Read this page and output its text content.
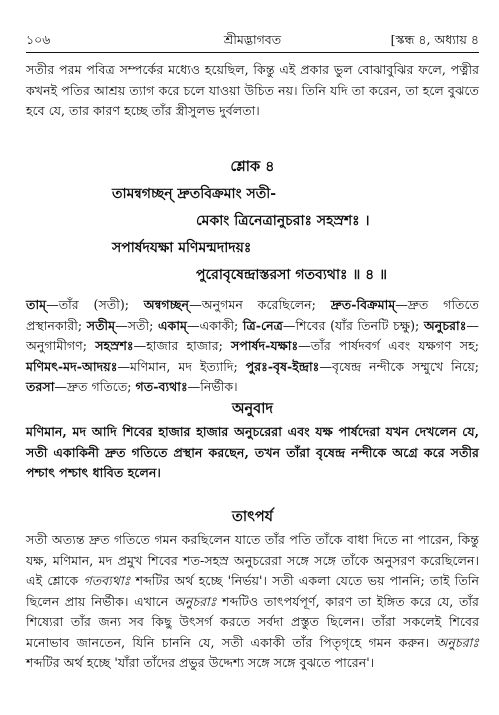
১০৬	শ্রীমদ্ভাগবত	[স্কন্ধ ৪, অধ্যায় ৪
সতীর পরম পবিত্র সম্পর্কের মধ্যেও হয়েছিল, কিন্তু এই প্রকার ভুল বোঝাবুঝির ফলে, পত্নীর কখনই পতির আশ্রয় ত্যাগ করে চলে যাওয়া উচিত নয়। তিনি যদি তা করেন, তা হলে বুঝতে হবে যে, তার কারণ হচ্ছে তাঁর স্ত্রীসুলভ দুর্বলতা।
শ্লোক ৪
তামন্বগচ্ছন্ দ্রুতবিক্রমাং সতী-
মেকাং ত্রিনেত্রানুচরাঃ সহস্রশঃ ।
সপার্ষদযক্ষা মণিমন্মদাদয়ঃ
পুরোবৃষেন্দ্রাস্তরসা গতব্যথাঃ ॥ ৪ ॥
তাম্—তাঁর (সতী); অন্বগচ্ছন্—অনুগমন করেছিলেন; দ্রুত-বিক্রমাম্—দ্রুত গতিতে প্রস্থানকারী; সতীম্—সতী; একাম্—একাকী; ত্রি-নেত্র—শিবের (যাঁর তিনটি চক্ষু); অনুচরাঃ—অনুগামীগণ; সহস্রশঃ—হাজার হাজার; সপার্ষদ-যক্ষাঃ—তাঁর পার্ষদবর্গ এবং যক্ষগণ সহ; মণিমৎ-মদ-আদয়ঃ—মণিমান, মদ ইত্যাদি; পুরঃ-বৃষ-ইন্দ্রাঃ—বৃষেন্দ্র নন্দীকে সম্মুখে নিয়ে; তরসা—দ্রুত গতিতে; গত-ব্যথাঃ—নির্ভীক।
অনুবাদ
মণিমান, মদ আদি শিবের হাজার হাজার অনুচরেরা এবং যক্ষ পার্ষদেরা যখন দেখলেন যে, সতী একাকিনী দ্রুত গতিতে প্রস্থান করছেন, তখন তাঁরা বৃষেন্দ্র নন্দীকে অগ্রে করে সতীর পশ্চাৎ পশ্চাৎ ধাবিত হলেন।
তাৎপর্য
সতী অত্যন্ত দ্রুত গতিতে গমন করছিলেন যাতে তাঁর পতি তাঁকে বাধা দিতে না পারেন, কিন্তু যক্ষ, মণিমান, মদ প্রমুখ শিবের শত-সহস্র অনুচরেরা সঙ্গে সঙ্গে তাঁকে অনুসরণ করেছিলেন। এই শ্লোকে গতব্যথাঃ শব্দটির অর্থ হচ্ছে 'নির্ভয়'। সতী একলা যেতে ভয় পাননি; তাই তিনি ছিলেন প্রায় নির্ভীক। এখানে অনুচরাঃ শব্দটিও তাৎপর্যপূর্ণ, কারণ তা ইঙ্গিত করে যে, তাঁর শিষ্যেরা তাঁর জন্য সব কিছু উৎসর্গ করতে সর্বদা প্রস্তুত ছিলেন। তাঁরা সকলেই শিবের মনোভাব জানতেন, যিনি চাননি যে, সতী একাকী তাঁর পিতৃগৃহে গমন করুন। অনুচরাঃ শব্দটির অর্থ হচ্ছে 'যাঁরা তাঁদের প্রভুর উদ্দেশ্য সঙ্গে সঙ্গে বুঝতে পারেন'।
